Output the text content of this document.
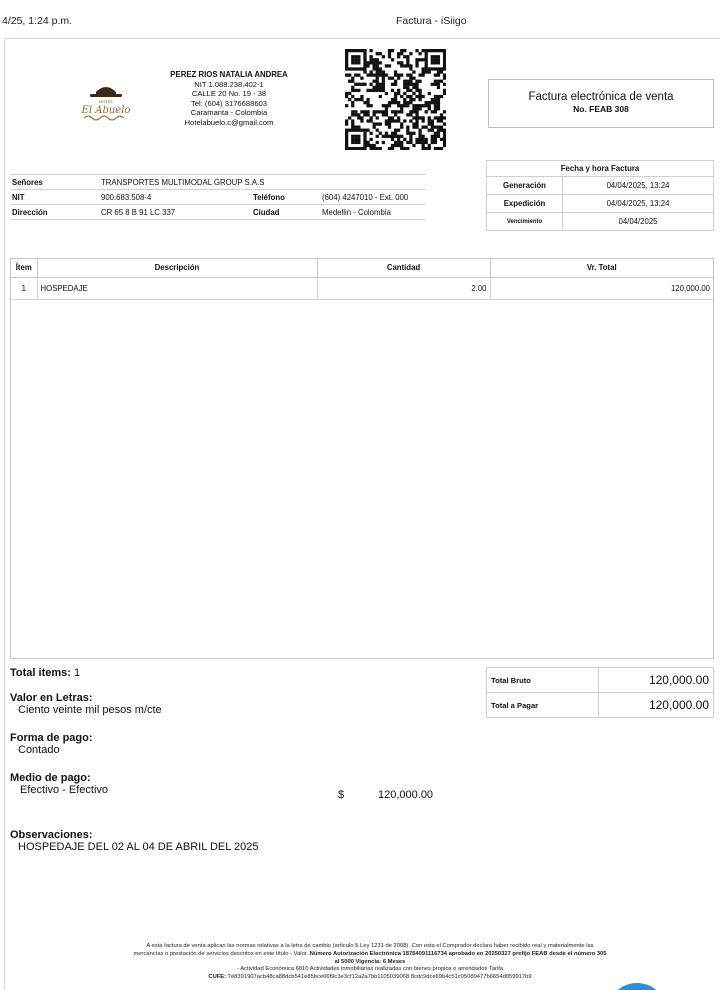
4/25, 1:24 p.m.	Factura - iSiigo
HOTEL
El Abuelo
PEREZ RIOS NATALIA ANDREA
NIT 1.088.238.402-1
CALLE 20 No. 19 - 38
Tel: (604) 3176688603
Caramanta - Colombia
Hotelabuelo.c@gmail.com
Factura electrónica de venta
No. FEAB 308
Señores	TRANSPORTES MULTIMODAL GROUP S.A.S		
NIT	900.683.508-4	Teléfono	(604) 4247010 - Ext. 000
Dirección	CR 65 8 B 91 LC 337	Ciudad	Medellin - Colombia
Fecha y hora Factura	
Generación	04/04/2025, 13:24
Expedición	04/04/2025, 13:24
Vencimiento	04/04/2025
Ítem	Descripción	Cantidad	Vr. Total
1	HOSPEDAJE	2.00	120,000.00
Total items: 1
Valor en Letras:
Ciento veinte mil pesos m/cte
Forma de pago:
Contado
Medio de pago:
Efectivo - Efectivo	$	120,000.00
Observaciones:
HOSPEDAJE DEL 02 AL 04 DE ABRIL DEL 2025
Total Bruto	120,000.00
Total a Pagar	120,000.00
A esta factura de venta aplican las normas relativas a la letra de cambio (artículo 5 Ley 1231 de 2008). Con esta el Comprador declara haber recibido real y materialmente las
mercancías o prestación de servicios descritos en este título - Valor. Número Autorización Electrónica 18764091116734 aprobado en 20250327 prefijo FEAB desde el número 305
al 5000 Vigencia: 6 Meses
- Actividad Económica 6810 Actividades inmobiliarias realizadas con bienes propios o arrendados Tarifa
CUFE: 7e8391907acb48ca88dcb541e85bce06f9c3e3cf12a2a7bb1105039068 8cdc9dce69b4c51c05089477b6654d059917b9
